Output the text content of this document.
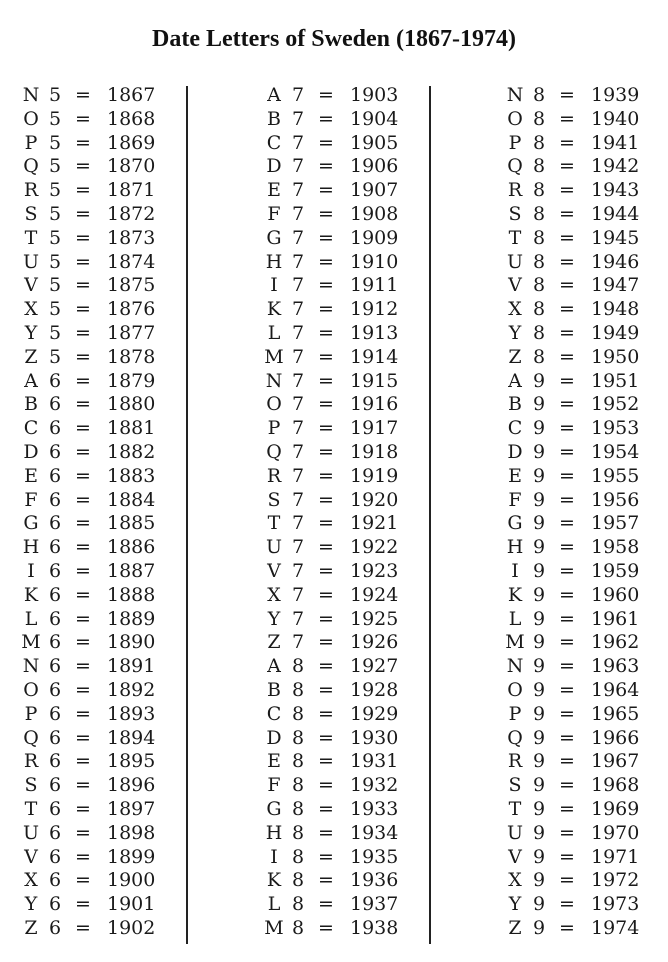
Date Letters of Sweden (1867-1974)
N 5 = 1867
O 5 = 1868
P 5 = 1869
Q 5 = 1870
R 5 = 1871
S 5 = 1872
T 5 = 1873
U 5 = 1874
V 5 = 1875
X 5 = 1876
Y 5 = 1877
Z 5 = 1878
A 6 = 1879
B 6 = 1880
C 6 = 1881
D 6 = 1882
E 6 = 1883
F 6 = 1884
G 6 = 1885
H 6 = 1886
I 6 = 1887
K 6 = 1888
L 6 = 1889
M 6 = 1890
N 6 = 1891
O 6 = 1892
P 6 = 1893
Q 6 = 1894
R 6 = 1895
S 6 = 1896
T 6 = 1897
U 6 = 1898
V 6 = 1899
X 6 = 1900
Y 6 = 1901
Z 6 = 1902
A 7 = 1903
B 7 = 1904
C 7 = 1905
D 7 = 1906
E 7 = 1907
F 7 = 1908
G 7 = 1909
H 7 = 1910
I 7 = 1911
K 7 = 1912
L 7 = 1913
M 7 = 1914
N 7 = 1915
O 7 = 1916
P 7 = 1917
Q 7 = 1918
R 7 = 1919
S 7 = 1920
T 7 = 1921
U 7 = 1922
V 7 = 1923
X 7 = 1924
Y 7 = 1925
Z 7 = 1926
A 8 = 1927
B 8 = 1928
C 8 = 1929
D 8 = 1930
E 8 = 1931
F 8 = 1932
G 8 = 1933
H 8 = 1934
I 8 = 1935
K 8 = 1936
L 8 = 1937
M 8 = 1938
N 8 = 1939
O 8 = 1940
P 8 = 1941
Q 8 = 1942
R 8 = 1943
S 8 = 1944
T 8 = 1945
U 8 = 1946
V 8 = 1947
X 8 = 1948
Y 8 = 1949
Z 8 = 1950
A 9 = 1951
B 9 = 1952
C 9 = 1953
D 9 = 1954
E 9 = 1955
F 9 = 1956
G 9 = 1957
H 9 = 1958
I 9 = 1959
K 9 = 1960
L 9 = 1961
M 9 = 1962
N 9 = 1963
O 9 = 1964
P 9 = 1965
Q 9 = 1966
R 9 = 1967
S 9 = 1968
T 9 = 1969
U 9 = 1970
V 9 = 1971
X 9 = 1972
Y 9 = 1973
Z 9 = 1974
